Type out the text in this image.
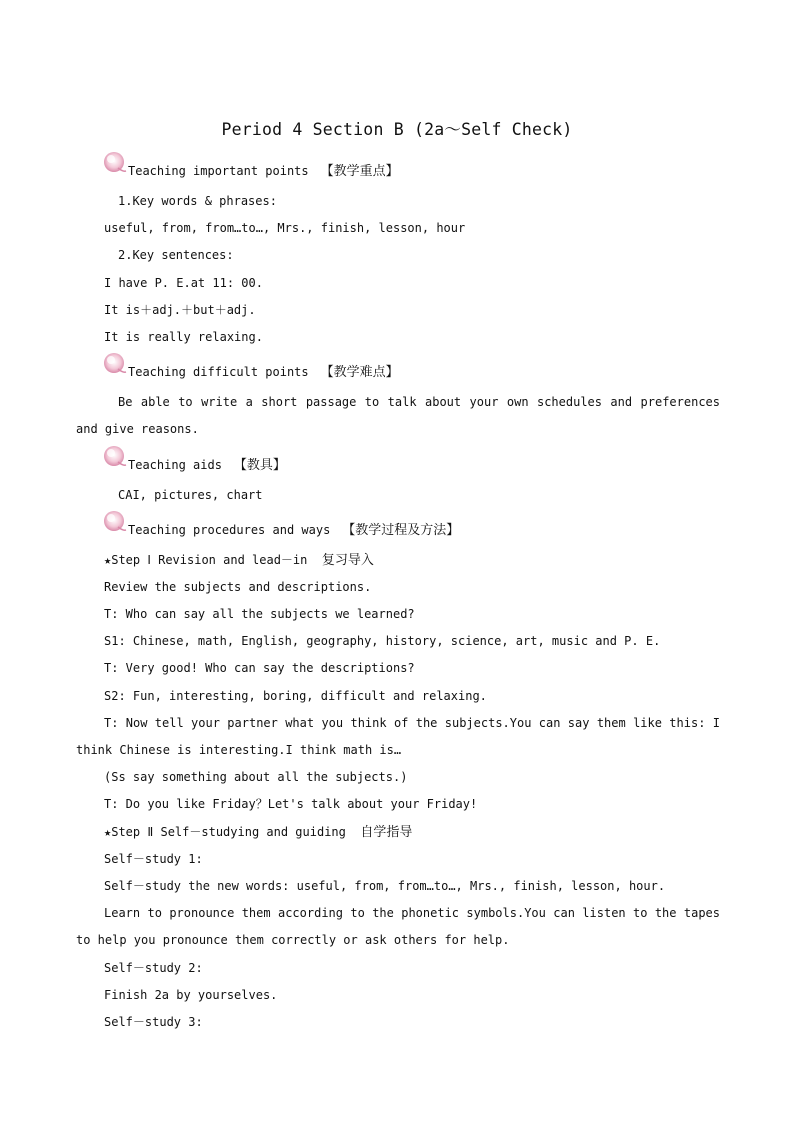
Period 4 Section B (2a～Self Check)
Teaching important points 【教学重点】
1.Key words & phrases:
useful, from, from…to…, Mrs., finish, lesson, hour
2.Key sentences:
I have P. E.at 11: 00.
It is＋adj.＋but＋adj.
It is really relaxing.
Teaching difficult points 【教学难点】
Be able to write a short passage to talk about your own schedules and preferences and give reasons.
Teaching aids 【教具】
CAI, pictures, chart
Teaching procedures and ways 【教学过程及方法】
★Step Ⅰ Revision and lead－in 复习导入
Review the subjects and descriptions.
T: Who can say all the subjects we learned?
S1: Chinese, math, English, geography, history, science, art, music and P. E.
T: Very good! Who can say the descriptions?
S2: Fun, interesting, boring, difficult and relaxing.
T: Now tell your partner what you think of the subjects.You can say them like this: I think Chinese is interesting.I think math is…
(Ss say something about all the subjects.)
T: Do you like Friday？Let's talk about your Friday!
★Step Ⅱ Self－studying and guiding 自学指导
Self－study 1:
Self－study the new words: useful, from, from…to…, Mrs., finish, lesson, hour.
Learn to pronounce them according to the phonetic symbols.You can listen to the tapes to help you pronounce them correctly or ask others for help.
Self－study 2:
Finish 2a by yourselves.
Self－study 3:
